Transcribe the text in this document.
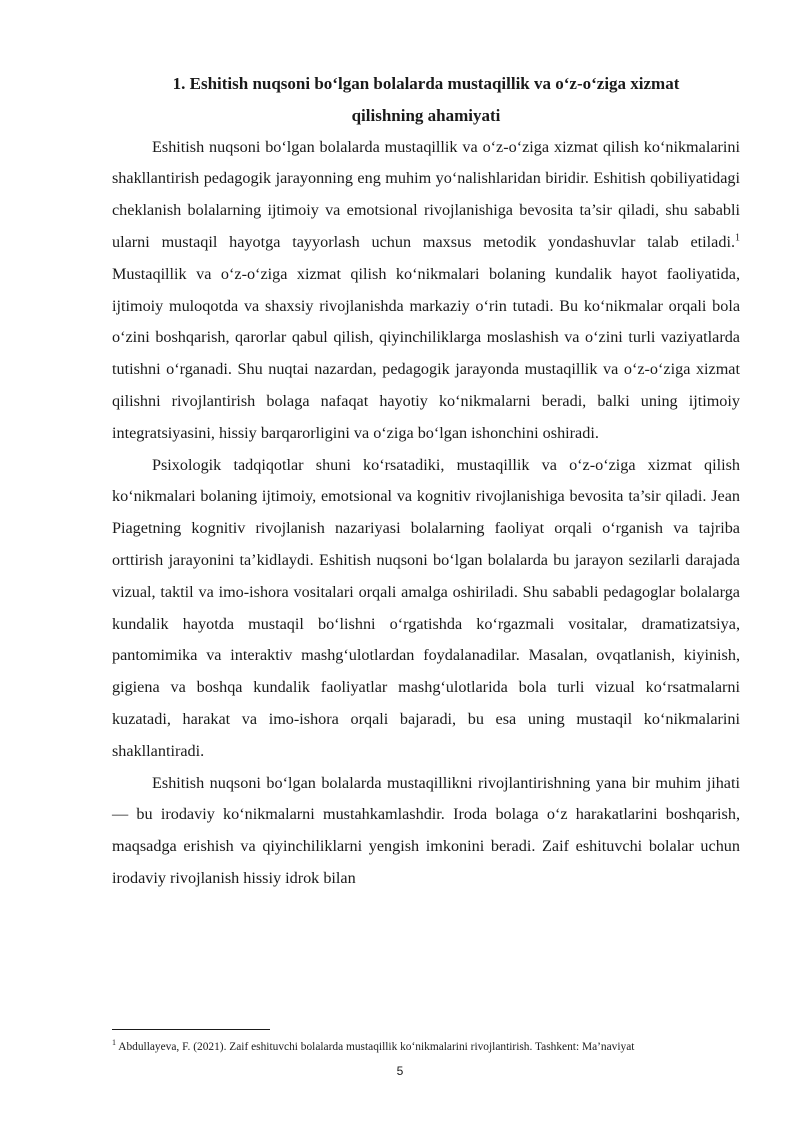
1. Eshitish nuqsoni bo‘lgan bolalarda mustaqillik va o‘z-o‘ziga xizmat
qilishning ahamiyati

Eshitish nuqsoni bo‘lgan bolalarda mustaqillik va o‘z-o‘ziga xizmat qilish ko‘nikmalarini shakllantirish pedagogik jarayonning eng muhim yo‘nalishlaridan biridir. Eshitish qobiliyatidagi cheklanish bolalarning ijtimoiy va emotsional rivojlanishiga bevosita ta’sir qiladi, shu sababli ularni mustaqil hayotga tayyorlash uchun maxsus metodik yondashuvlar talab etiladi.$^1$ Mustaqillik va o‘z-o‘ziga xizmat qilish ko‘nikmalari bolaning kundalik hayot faoliyatida, ijtimoiy muloqotda va shaxsiy rivojlanishda markaziy o‘rin tutadi. Bu ko‘nikmalar orqali bola o‘zini boshqarish, qarorlar qabul qilish, qiyinchiliklarga moslashish va o‘zini turli vaziyatlarda tutishni o‘rganadi. Shu nuqtai nazardan, pedagogik jarayonda mustaqillik va o‘z-o‘ziga xizmat qilishni rivojlantirish bolaga nafaqat hayotiy ko‘nikmalarni beradi, balki uning ijtimoiy integratsiyasini, hissiy barqarorligini va o‘ziga bo‘lgan ishonchini oshiradi.

Psixologik tadqiqotlar shuni ko‘rsatadiki, mustaqillik va o‘z-o‘ziga xizmat qilish ko‘nikmalari bolaning ijtimoiy, emotsional va kognitiv rivojlanishiga bevosita ta’sir qiladi. Jean Piagetning kognitiv rivojlanish nazariyasi bolalarning faoliyat orqali o‘rganish va tajriba orttirish jarayonini ta’kidlaydi. Eshitish nuqsoni bo‘lgan bolalarda bu jarayon sezilarli darajada vizual, taktil va imo-ishora vositalari orqali amalga oshiriladi. Shu sababli pedagoglar bolalarga kundalik hayotda mustaqil bo‘lishni o‘rgatishda ko‘rgazmali vositalar, dramatizatsiya, pantomimika va interaktiv mashg‘ulotlardan foydalanadilar. Masalan, ovqatlanish, kiyinish, gigiena va boshqa kundalik faoliyatlar mashg‘ulotlarida bola turli vizual ko‘rsatmalarni kuzatadi, harakat va imo-ishora orqali bajaradi, bu esa uning mustaqil ko‘nikmalarini shakllantiradi.

Eshitish nuqsoni bo‘lgan bolalarda mustaqillikni rivojlantirishning yana bir muhim jihati — bu irodaviy ko‘nikmalarni mustahkamlashdir. Iroda bolaga o‘z harakatlarini boshqarish, maqsadga erishish va qiyinchiliklarni yengish imkonini beradi. Zaif eshituvchi bolalar uchun irodaviy rivojlanish hissiy idrok bilan

$^1$ Abdullayeva, F. (2021). Zaif eshituvchi bolalarda mustaqillik ko‘nikmalarini rivojlantirish. Tashkent: Ma’naviyat
5
